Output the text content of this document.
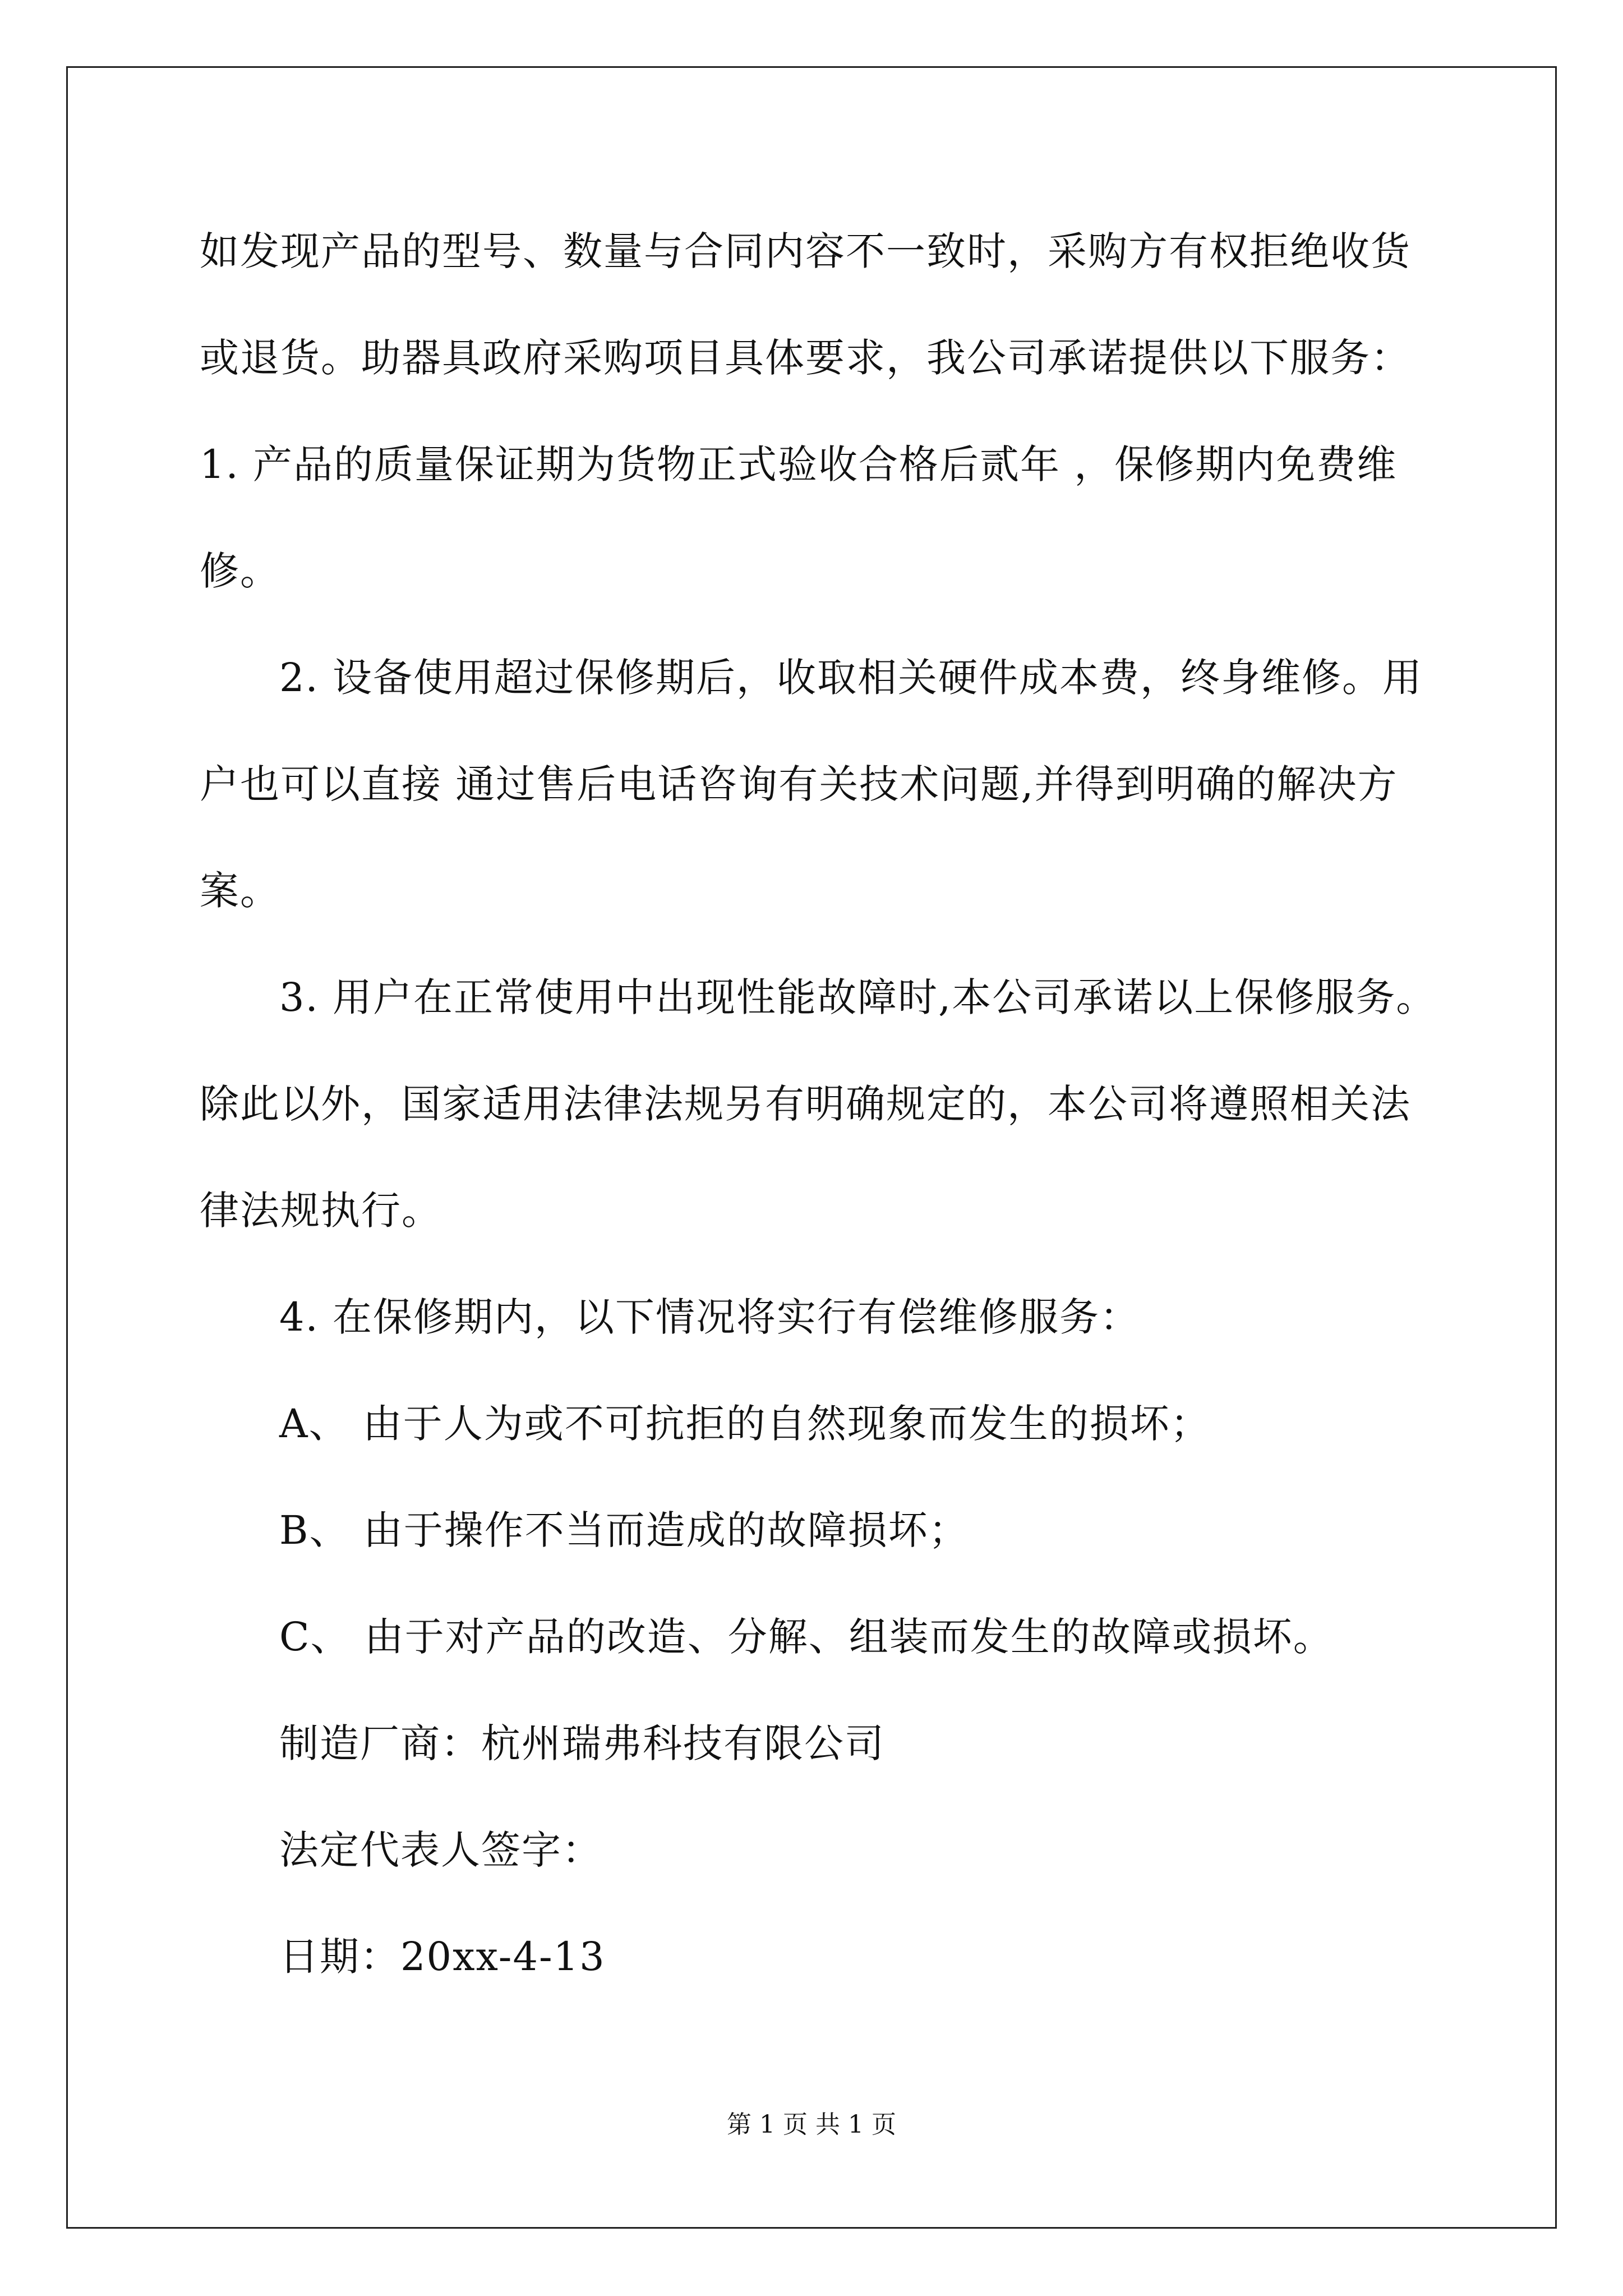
如发现产品的型号、数量与合同内容不一致时，采购方有权拒绝收货
或退货。助器具政府采购项目具体要求，我公司承诺提供以下服务：
1. 产品的质量保证期为货物正式验收合格后贰年 ，保修期内免费维
修。
2. 设备使用超过保修期后，收取相关硬件成本费，终身维修。用
户也可以直接 通过售后电话咨询有关技术问题,并得到明确的解决方
案。
3. 用户在正常使用中出现性能故障时,本公司承诺以上保修服务。
除此以外，国家适用法律法规另有明确规定的，本公司将遵照相关法
律法规执行。
4. 在保修期内，以下情况将实行有偿维修服务：
A、 由于人为或不可抗拒的自然现象而发生的损坏；
B、 由于操作不当而造成的故障损坏；
C、 由于对产品的改造、分解、组装而发生的故障或损坏。
制造厂商：杭州瑞弗科技有限公司
法定代表人签字：
日期：20xx-4-13
第 1 页 共 1 页
